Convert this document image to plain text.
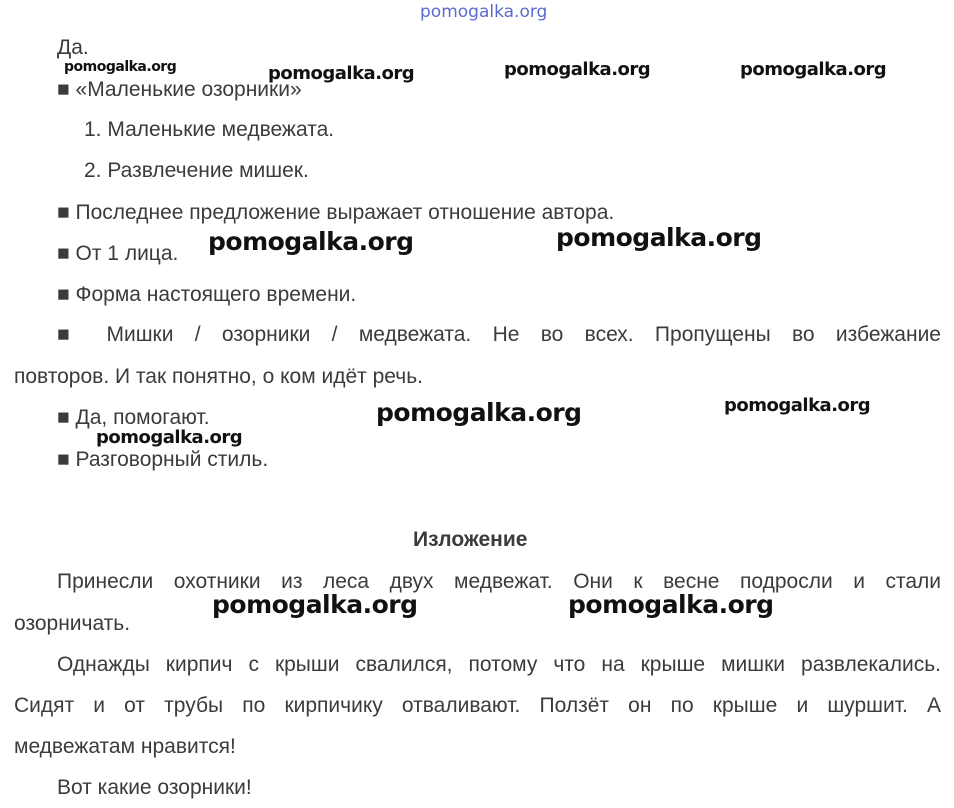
pomogalka.org
Да.
■ «Маленькие озорники»
1. Маленькие медвежата.
2. Развлечение мишек.
■ Последнее предложение выражает отношение автора.
■ От 1 лица.
■ Форма настоящего времени.
■ Мишки / озорники / медвежата. Не во всех. Пропущены во избежание
повторов. И так понятно, о ком идёт речь.
■ Да, помогают.
■ Разговорный стиль.
Изложение
Принесли охотники из леса двух медвежат. Они к весне подросли и стали
озорничать.
Однажды кирпич с крыши свалился, потому что на крыше мишки развлекались.
Сидят и от трубы по кирпичику отваливают. Ползёт он по крыше и шуршит. А
медвежатам нравится!
Вот какие озорники!
pomogalka.org	pomogalka.org	pomogalka.org	pomogalka.org
pomogalka.org	pomogalka.org
pomogalka.org	pomogalka.org
pomogalka.org
pomogalka.org	pomogalka.org
